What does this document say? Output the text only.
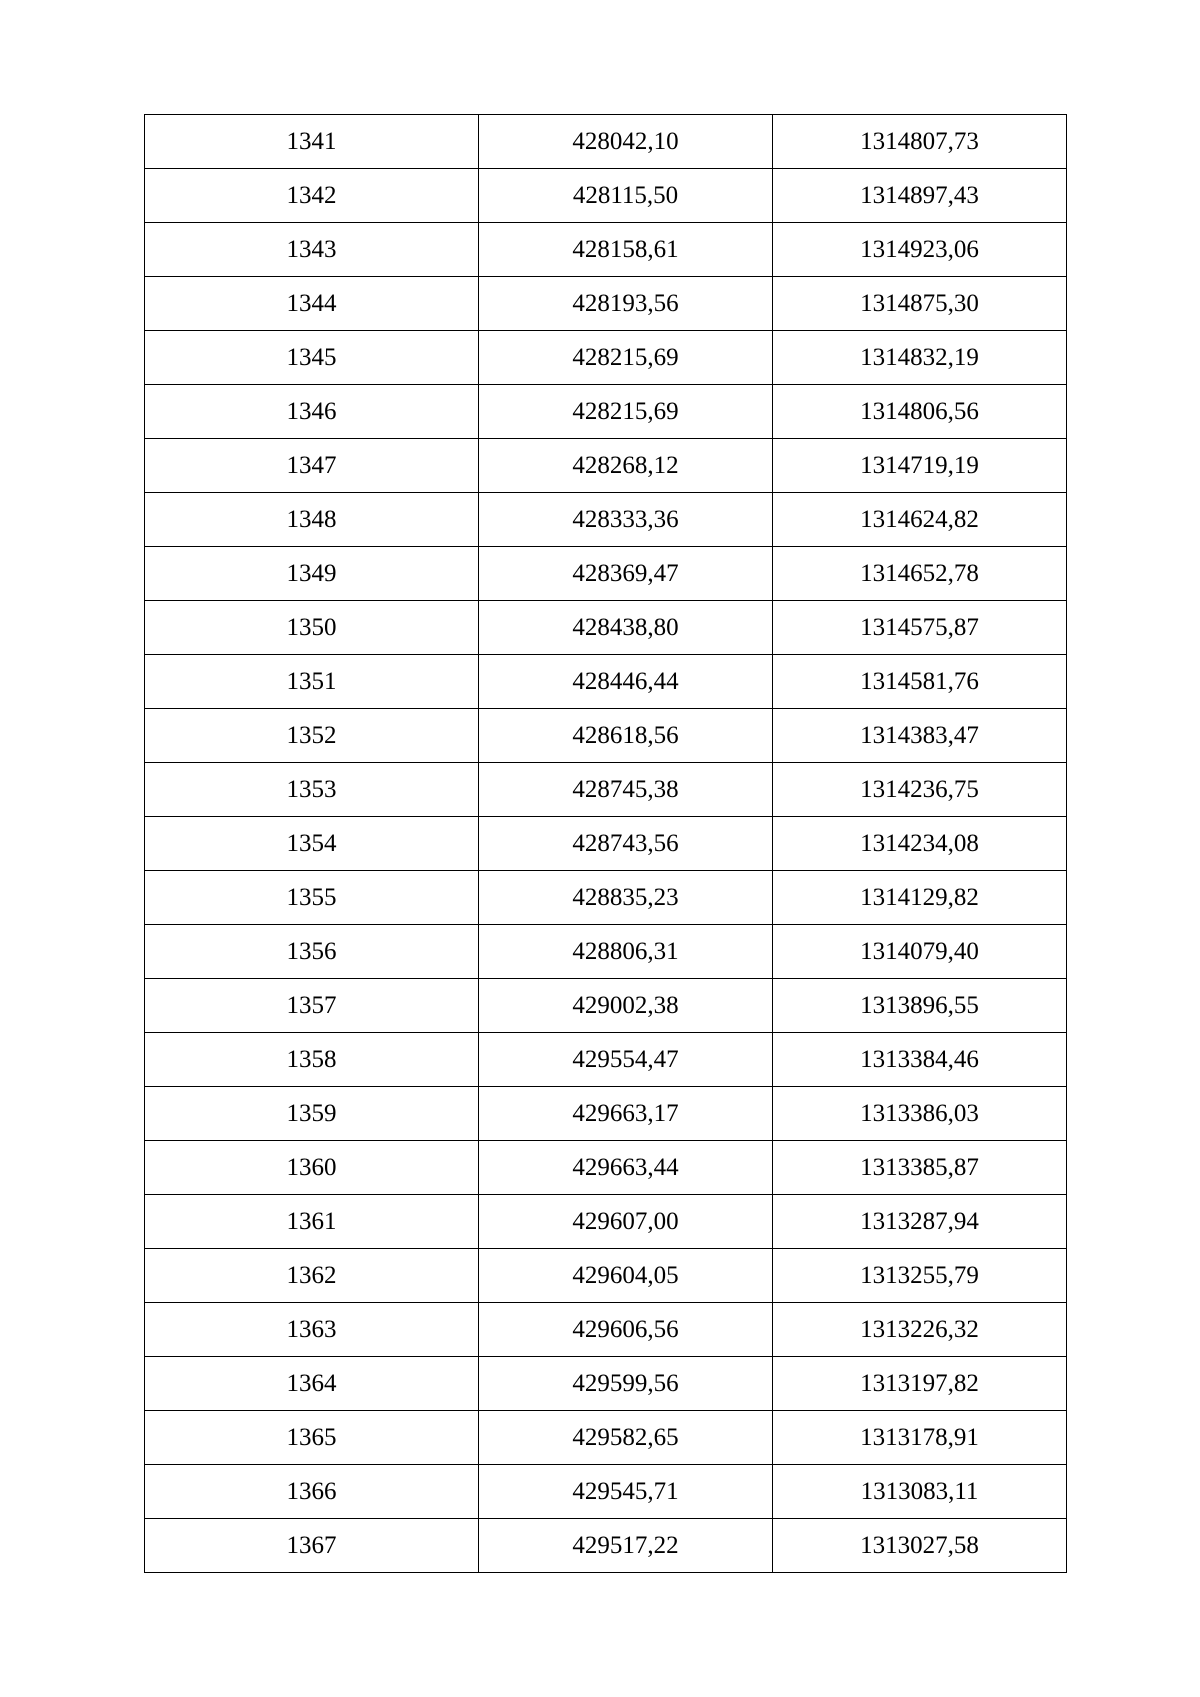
1341	428042,10	1314807,73
1342	428115,50	1314897,43
1343	428158,61	1314923,06
1344	428193,56	1314875,30
1345	428215,69	1314832,19
1346	428215,69	1314806,56
1347	428268,12	1314719,19
1348	428333,36	1314624,82
1349	428369,47	1314652,78
1350	428438,80	1314575,87
1351	428446,44	1314581,76
1352	428618,56	1314383,47
1353	428745,38	1314236,75
1354	428743,56	1314234,08
1355	428835,23	1314129,82
1356	428806,31	1314079,40
1357	429002,38	1313896,55
1358	429554,47	1313384,46
1359	429663,17	1313386,03
1360	429663,44	1313385,87
1361	429607,00	1313287,94
1362	429604,05	1313255,79
1363	429606,56	1313226,32
1364	429599,56	1313197,82
1365	429582,65	1313178,91
1366	429545,71	1313083,11
1367	429517,22	1313027,58
